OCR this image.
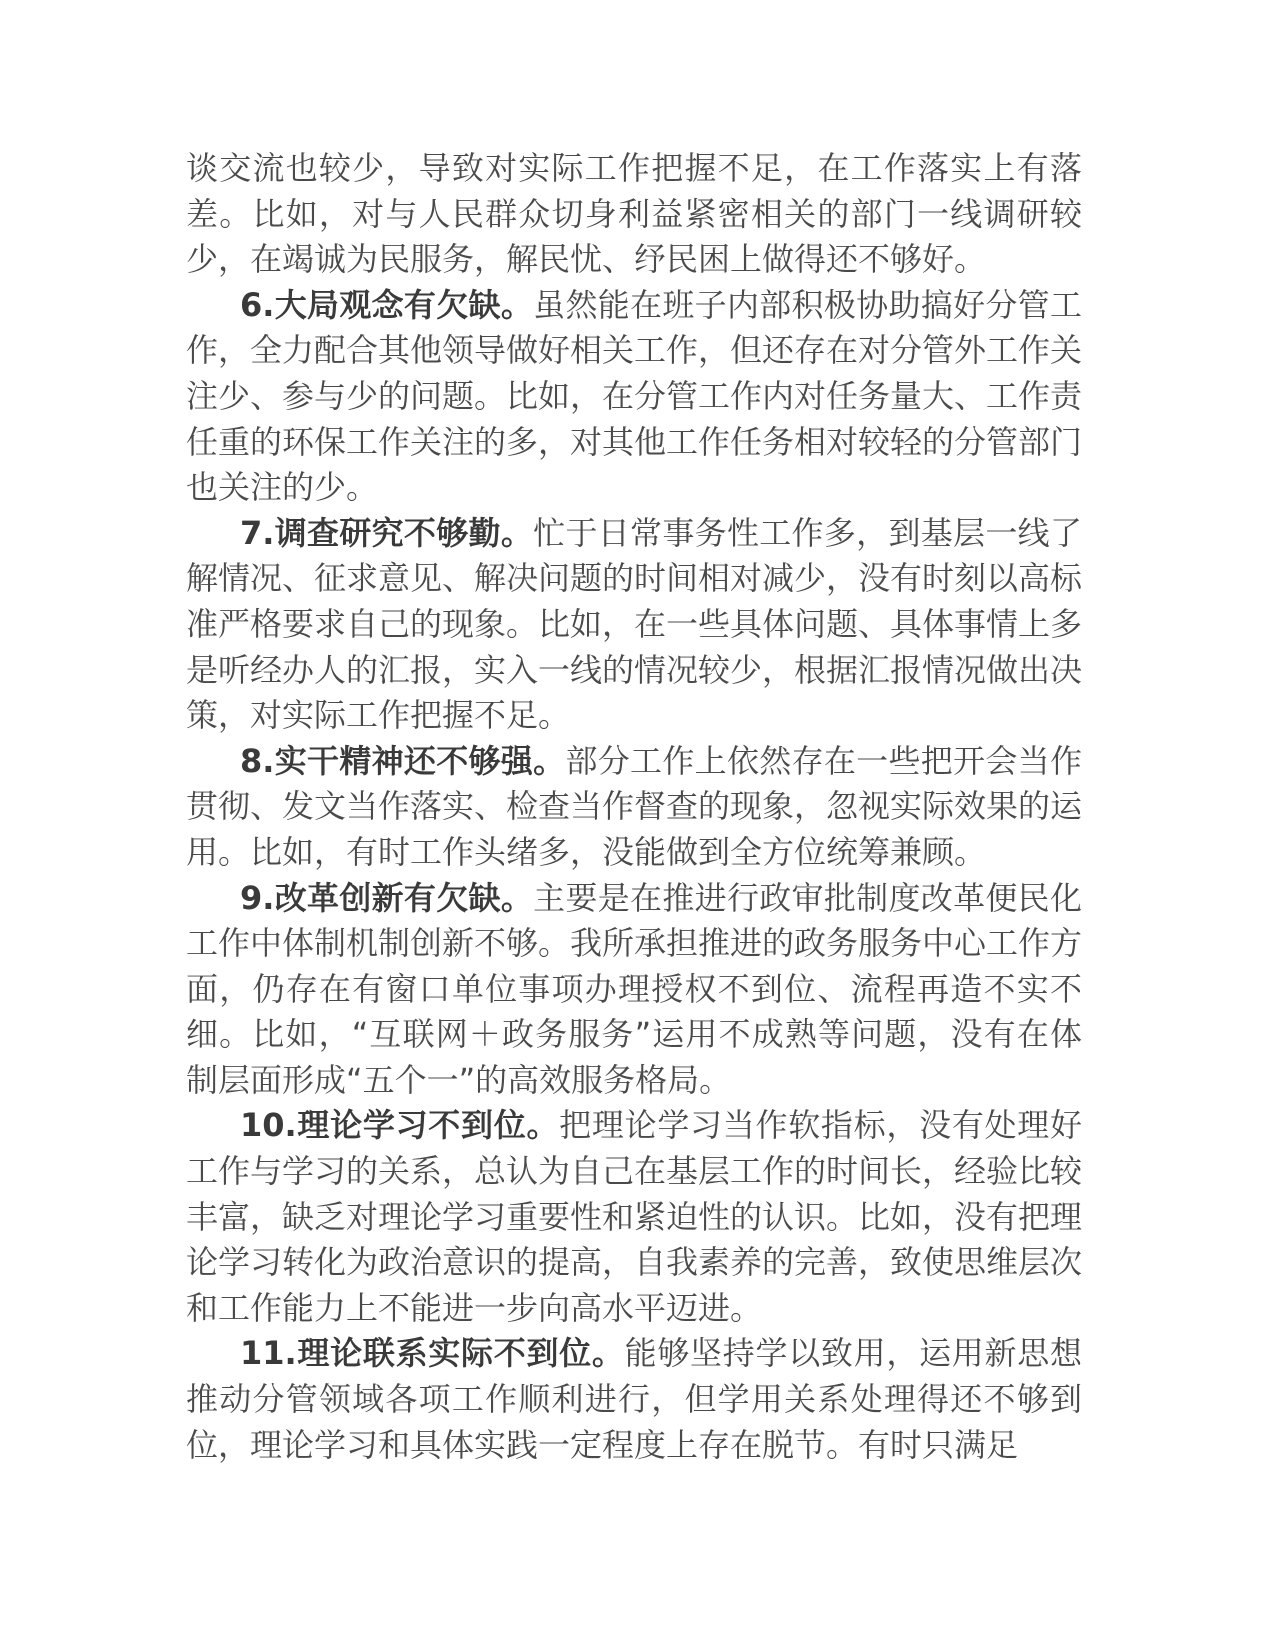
谈交流也较少，导致对实际工作把握不足，在工作落实上有落差。比如，对与人民群众切身利益紧密相关的部门一线调研较少，在竭诚为民服务，解民忧、纾民困上做得还不够好。

6.大局观念有欠缺。虽然能在班子内部积极协助搞好分管工作，全力配合其他领导做好相关工作，但还存在对分管外工作关注少、参与少的问题。比如，在分管工作内对任务量大、工作责任重的环保工作关注的多，对其他工作任务相对较轻的分管部门也关注的少。

7.调查研究不够勤。忙于日常事务性工作多，到基层一线了解情况、征求意见、解决问题的时间相对减少，没有时刻以高标准严格要求自己的现象。比如，在一些具体问题、具体事情上多是听经办人的汇报，实入一线的情况较少，根据汇报情况做出决策，对实际工作把握不足。

8.实干精神还不够强。部分工作上依然存在一些把开会当作贯彻、发文当作落实、检查当作督查的现象，忽视实际效果的运用。比如，有时工作头绪多，没能做到全方位统筹兼顾。

9.改革创新有欠缺。主要是在推进行政审批制度改革便民化工作中体制机制创新不够。我所承担推进的政务服务中心工作方面，仍存在有窗口单位事项办理授权不到位、流程再造不实不细。比如，“互联网＋政务服务”运用不成熟等问题，没有在体制层面形成“五个一”的高效服务格局。

10.理论学习不到位。把理论学习当作软指标，没有处理好工作与学习的关系，总认为自己在基层工作的时间长，经验比较丰富，缺乏对理论学习重要性和紧迫性的认识。比如，没有把理论学习转化为政治意识的提高，自我素养的完善，致使思维层次和工作能力上不能进一步向高水平迈进。

11.理论联系实际不到位。能够坚持学以致用，运用新思想推动分管领域各项工作顺利进行，但学用关系处理得还不够到位，理论学习和具体实践一定程度上存在脱节。有时只满足
